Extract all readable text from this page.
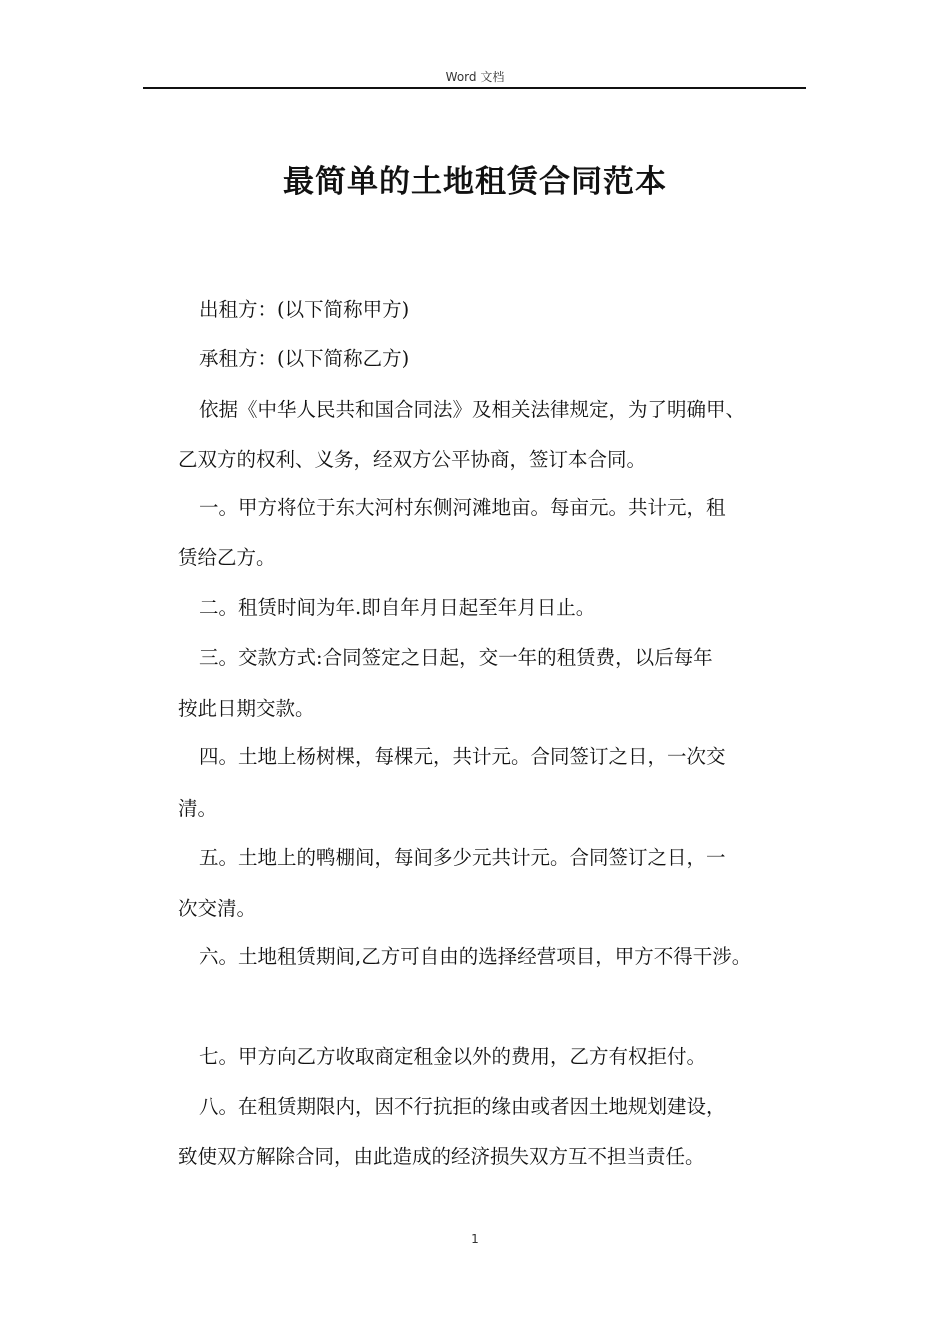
Word 文档
最简单的土地租赁合同范本
出租方：(以下简称甲方)
承租方：(以下简称乙方)
依据《中华人民共和国合同法》及相关法律规定，为了明确甲、
乙双方的权利、义务，经双方公平协商，签订本合同。
一。甲方将位于东大河村东侧河滩地亩。每亩元。共计元，租
赁给乙方。
二。租赁时间为年.即自年月日起至年月日止。
三。交款方式:合同签定之日起，交一年的租赁费，以后每年
按此日期交款。
四。土地上杨树棵，每棵元，共计元。合同签订之日，一次交
清。
五。土地上的鸭棚间，每间多少元共计元。合同签订之日，一
次交清。
六。土地租赁期间,乙方可自由的选择经营项目，甲方不得干涉。
七。甲方向乙方收取商定租金以外的费用，乙方有权拒付。
八。在租赁期限内，因不行抗拒的缘由或者因土地规划建设，
致使双方解除合同，由此造成的经济损失双方互不担当责任。
1
